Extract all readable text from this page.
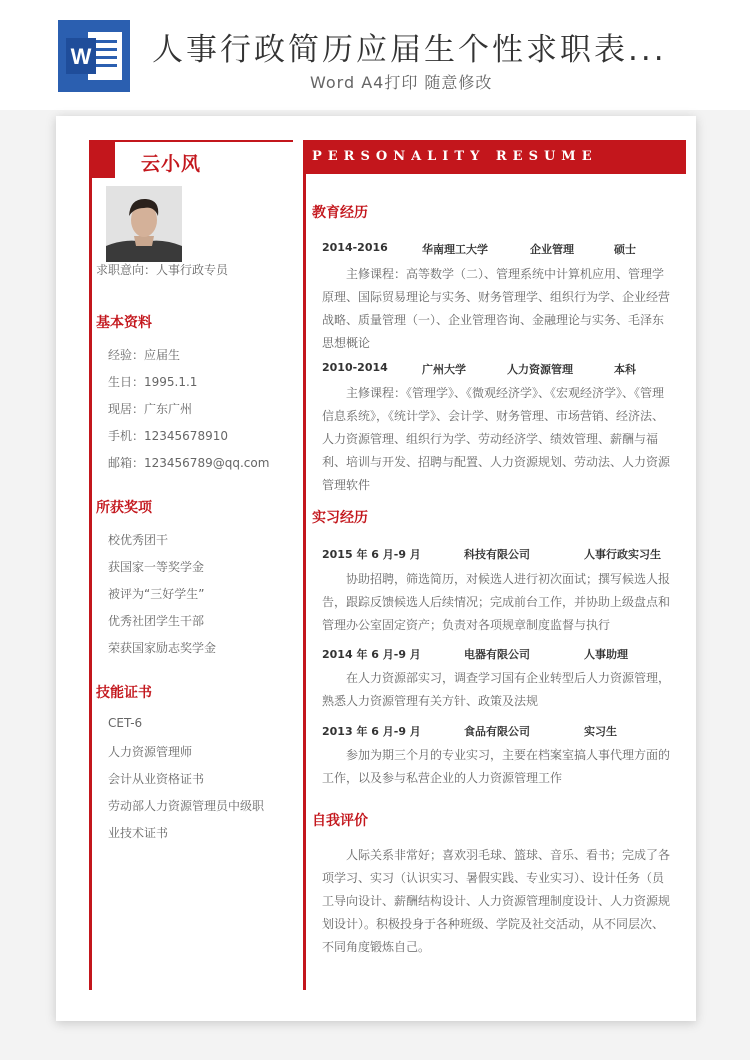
W 人事行政简历应届生个性求职表...
Word A4打印 随意修改
云小风
求职意向：人事行政专员
基本资料
经验：应届生
生日：1995.1.1
现居：广东广州
手机：12345678910
邮箱：123456789@qq.com
所获奖项
校优秀团干
获国家一等奖学金
被评为“三好学生”
优秀社团学生干部
荣获国家励志奖学金
技能证书
CET-6
人力资源管理师
会计从业资格证书
劳动部人力资源管理员中级职
业技术证书
PERSONALITY RESUME
教育经历
2014-2016	华南理工大学	企业管理	硕士
主修课程：高等数学（二）、管理系统中计算机应用、管理学原理、国际贸易理论与实务、财务管理学、组织行为学、企业经营战略、质量管理（一）、企业管理咨询、金融理论与实务、毛泽东思想概论
2010-2014	广州大学	人力资源管理	本科
主修课程：《管理学》、《微观经济学》、《宏观经济学》、《管理信息系统》，《统计学》、会计学、财务管理、市场营销、经济法、人力资源管理、组织行为学、劳动经济学、绩效管理、薪酬与福利、培训与开发、招聘与配置、人力资源规划、劳动法、人力资源管理软件
实习经历
2015 年 6 月-9 月	科技有限公司	人事行政实习生
协助招聘，筛选简历，对候选人进行初次面试；撰写候选人报告，跟踪反馈候选人后续情况；完成前台工作，并协助上级盘点和管理办公室固定资产；负责对各项规章制度监督与执行
2014 年 6 月-9 月	电器有限公司	人事助理
在人力资源部实习，调查学习国有企业转型后人力资源管理，熟悉人力资源管理有关方针、政策及法规
2013 年 6 月-9 月	食品有限公司	实习生
参加为期三个月的专业实习，主要在档案室搞人事代理方面的工作，以及参与私营企业的人力资源管理工作
自我评价
人际关系非常好；喜欢羽毛球、篮球、音乐、看书；完成了各项学习、实习（认识实习、暑假实践、专业实习）、设计任务（员工导向设计、薪酬结构设计、人力资源管理制度设计、人力资源规划设计）。积极投身于各种班级、学院及社交活动，从不同层次、不同角度锻炼自己。
